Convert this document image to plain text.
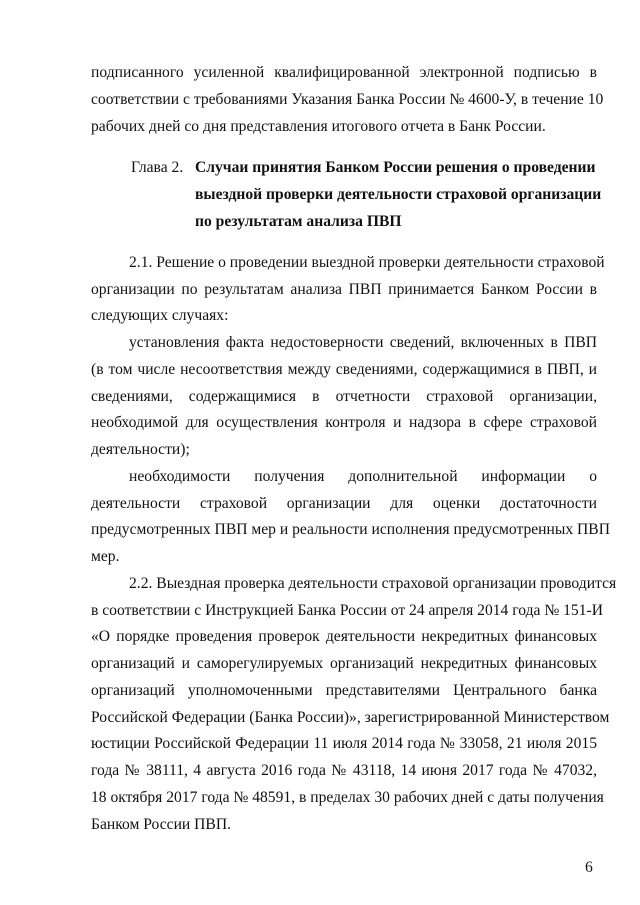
подписанного усиленной квалифицированной электронной подписью в
соответствии с требованиями Указания Банка России № 4600-У, в течение 10
рабочих дней со дня представления итогового отчета в Банк России.
Глава 2. Случаи принятия Банком России решения о проведении
выездной проверки деятельности страховой организации
по результатам анализа ПВП
2.1. Решение о проведении выездной проверки деятельности страховой
организации по результатам анализа ПВП принимается Банком России в
следующих случаях:
установления факта недостоверности сведений, включенных в ПВП
(в том числе несоответствия между сведениями, содержащимися в ПВП, и
сведениями, содержащимися в отчетности страховой организации,
необходимой для осуществления контроля и надзора в сфере страховой
деятельности);
необходимости получения дополнительной информации о
деятельности страховой организации для оценки достаточности
предусмотренных ПВП мер и реальности исполнения предусмотренных ПВП
мер.
2.2. Выездная проверка деятельности страховой организации проводится
в соответствии с Инструкцией Банка России от 24 апреля 2014 года № 151-И
«О порядке проведения проверок деятельности некредитных финансовых
организаций и саморегулируемых организаций некредитных финансовых
организаций уполномоченными представителями Центрального банка
Российской Федерации (Банка России)», зарегистрированной Министерством
юстиции Российской Федерации 11 июля 2014 года № 33058, 21 июля 2015
года № 38111, 4 августа 2016 года № 43118, 14 июня 2017 года № 47032,
18 октября 2017 года № 48591, в пределах 30 рабочих дней с даты получения
Банком России ПВП.
6
